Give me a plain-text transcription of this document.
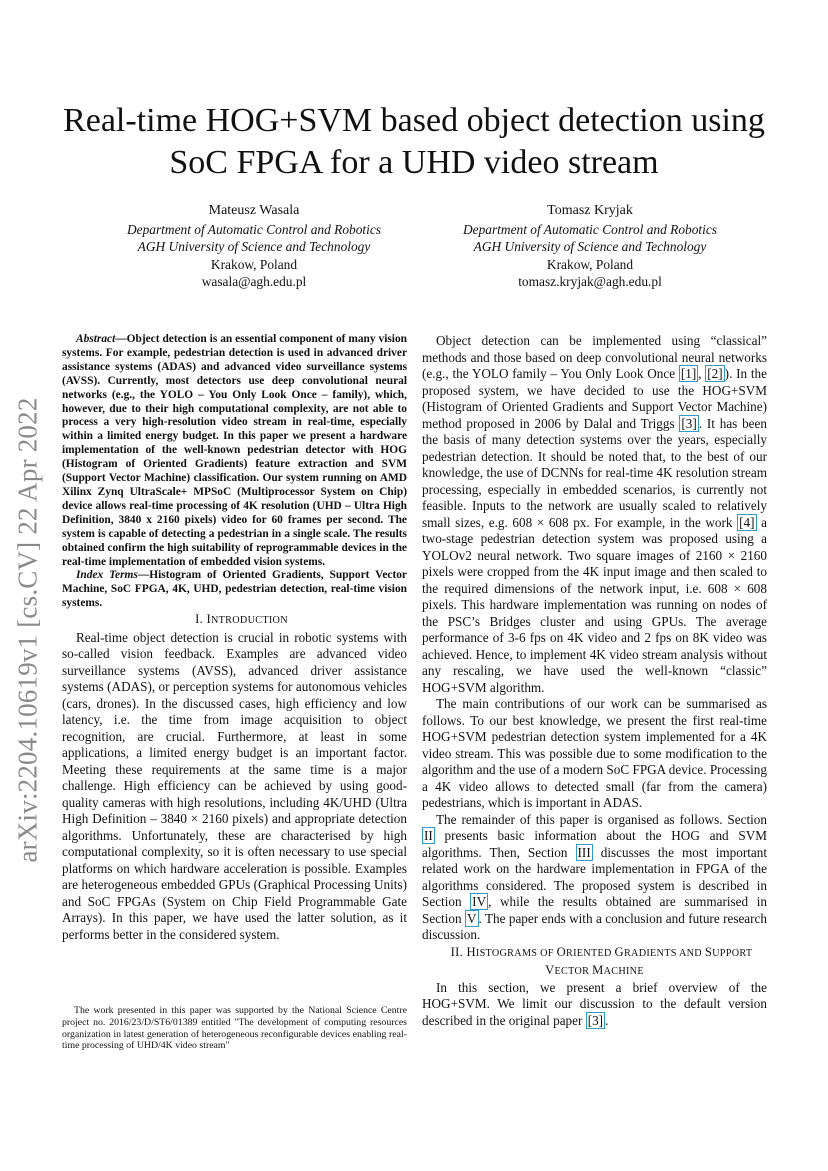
arXiv:2204.10619v1 [cs.CV] 22 Apr 2022
Real-time HOG+SVM based object detection using
SoC FPGA for a UHD video stream
Mateusz Wasala
Department of Automatic Control and Robotics
AGH University of Science and Technology
Krakow, Poland
wasala@agh.edu.pl
Tomasz Kryjak
Department of Automatic Control and Robotics
AGH University of Science and Technology
Krakow, Poland
tomasz.kryjak@agh.edu.pl

Abstract—Object detection is an essential component of many vision systems. For example, pedestrian detection is used in advanced driver assistance systems (ADAS) and advanced video surveillance systems (AVSS). Currently, most detectors use deep convolutional neural networks (e.g., the YOLO – You Only Look Once – family), which, however, due to their high computational complexity, are not able to process a very high-resolution video stream in real-time, especially within a limited energy budget. In this paper we present a hardware implementation of the well-known pedestrian detector with HOG (Histogram of Oriented Gradients) feature extraction and SVM (Support Vector Machine) classification. Our system running on AMD Xilinx Zynq UltraScale+ MPSoC (Multiprocessor System on Chip) device allows real-time processing of 4K resolution (UHD – Ultra High Definition, 3840 x 2160 pixels) video for 60 frames per second. The system is capable of detecting a pedestrian in a single scale. The results obtained confirm the high suitability of reprogrammable devices in the real-time implementation of embedded vision systems.

Index Terms—Histogram of Oriented Gradients, Support Vector Machine, SoC FPGA, 4K, UHD, pedestrian detection, real-time vision systems.

I. INTRODUCTION

Real-time object detection is crucial in robotic systems with so-called vision feedback. Examples are advanced video surveillance systems (AVSS), advanced driver assistance systems (ADAS), or perception systems for autonomous vehicles (cars, drones). In the discussed cases, high efficiency and low latency, i.e. the time from image acquisition to object recognition, are crucial. Furthermore, at least in some applications, a limited energy budget is an important factor. Meeting these requirements at the same time is a major challenge. High efficiency can be achieved by using good-quality cameras with high resolutions, including 4K/UHD (Ultra High Definition – 3840 × 2160 pixels) and appropriate detection algorithms. Unfortunately, these are characterised by high computational complexity, so it is often necessary to use special platforms on which hardware acceleration is possible. Examples are heterogeneous embedded GPUs (Graphical Processing Units) and SoC FPGAs (System on Chip Field Programmable Gate Arrays). In this paper, we have used the latter solution, as it performs better in the considered system.

The work presented in this paper was supported by the National Science Centre project no. 2016/23/D/ST6/01389 entitled "The development of computing resources organization in latest generation of heterogeneous reconfigurable devices enabling real-time processing of UHD/4K video stream"

Object detection can be implemented using “classical” methods and those based on deep convolutional neural networks (e.g., the YOLO family – You Only Look Once [1] , [2] ). In the proposed system, we have decided to use the HOG+SVM (Histogram of Oriented Gradients and Support Vector Machine) method proposed in 2006 by Dalal and Triggs [3] . It has been the basis of many detection systems over the years, especially pedestrian detection. It should be noted that, to the best of our knowledge, the use of DCNNs for real-time 4K resolution stream processing, especially in embedded scenarios, is currently not feasible. Inputs to the network are usually scaled to relatively small sizes, e.g. 608 × 608 px. For example, in the work [4] a two-stage pedestrian detection system was proposed using a YOLOv2 neural network. Two square images of 2160 × 2160 pixels were cropped from the 4K input image and then scaled to the required dimensions of the network input, i.e. 608 × 608 pixels. This hardware implementation was running on nodes of the PSC’s Bridges cluster and using GPUs. The average performance of 3-6 fps on 4K video and 2 fps on 8K video was achieved. Hence, to implement 4K video stream analysis without any rescaling, we have used the well-known “classic” HOG+SVM algorithm.

The main contributions of our work can be summarised as follows. To our best knowledge, we present the first real-time HOG+SVM pedestrian detection system implemented for a 4K video stream. This was possible due to some modification to the algorithm and the use of a modern SoC FPGA device. Processing a 4K video allows to detected small (far from the camera) pedestrians, which is important in ADAS.

The remainder of this paper is organised as follows. Section II presents basic information about the HOG and SVM algorithms. Then, Section III discusses the most important related work on the hardware implementation in FPGA of the algorithms considered. The proposed system is described in Section IV , while the results obtained are summarised in Section V . The paper ends with a conclusion and future research discussion.

II. HISTOGRAMS OF ORIENTED GRADIENTS AND SUPPORT
VECTOR MACHINE

In this section, we present a brief overview of the HOG+SVM. We limit our discussion to the default version described in the original paper [3] .
